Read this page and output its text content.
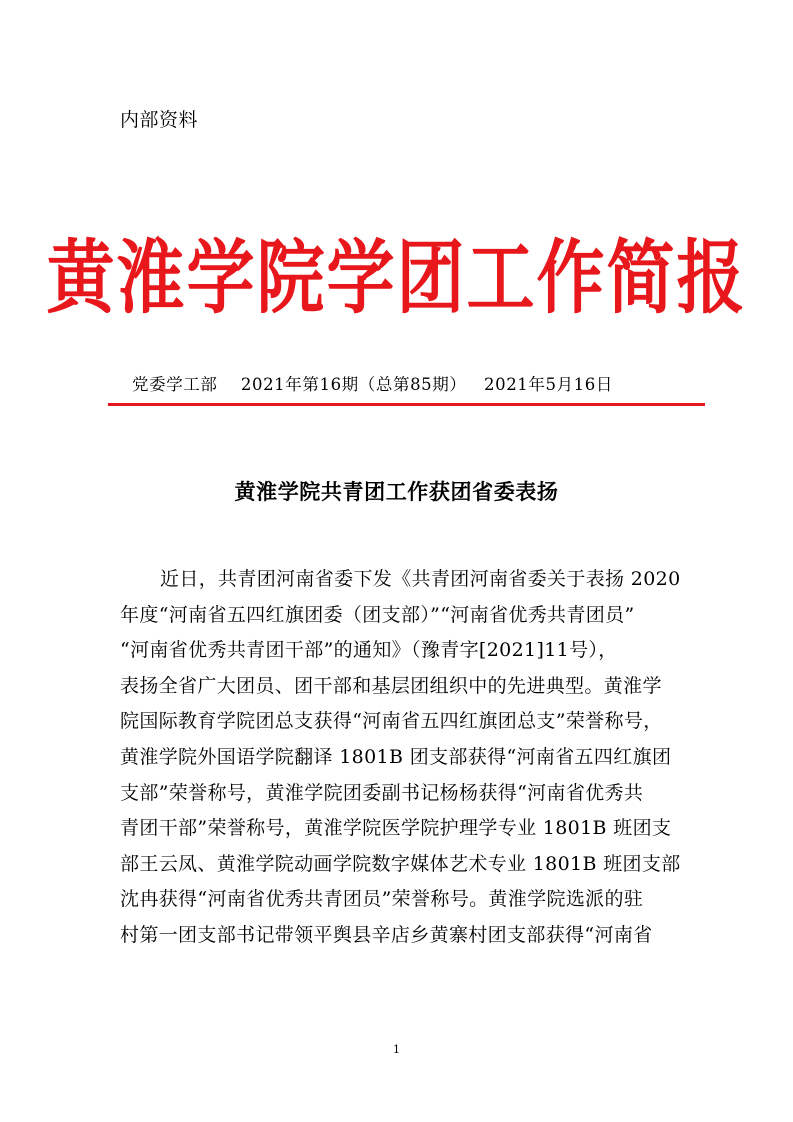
内部资料
黄淮学院学团工作简报
党委学工部    2021年第16期（总第85期）   2021年5月16日
黄淮学院共青团工作获团省委表扬
近日，共青团河南省委下发《共青团河南省委关于表扬 2020
年度“河南省五四红旗团委（团支部）”“河南省优秀共青团员”
“河南省优秀共青团干部”的通知》（豫青字[2021]11号），
表扬全省广大团员、团干部和基层团组织中的先进典型。黄淮学
院国际教育学院团总支获得“河南省五四红旗团总支”荣誉称号，
黄淮学院外国语学院翻译 1801B 团支部获得“河南省五四红旗团
支部”荣誉称号，黄淮学院团委副书记杨杨获得“河南省优秀共
青团干部”荣誉称号，黄淮学院医学院护理学专业 1801B 班团支
部王云凤、黄淮学院动画学院数字媒体艺术专业 1801B 班团支部
沈冉获得“河南省优秀共青团员”荣誉称号。黄淮学院选派的驻
村第一团支部书记带领平舆县辛店乡黄寨村团支部获得“河南省
1
